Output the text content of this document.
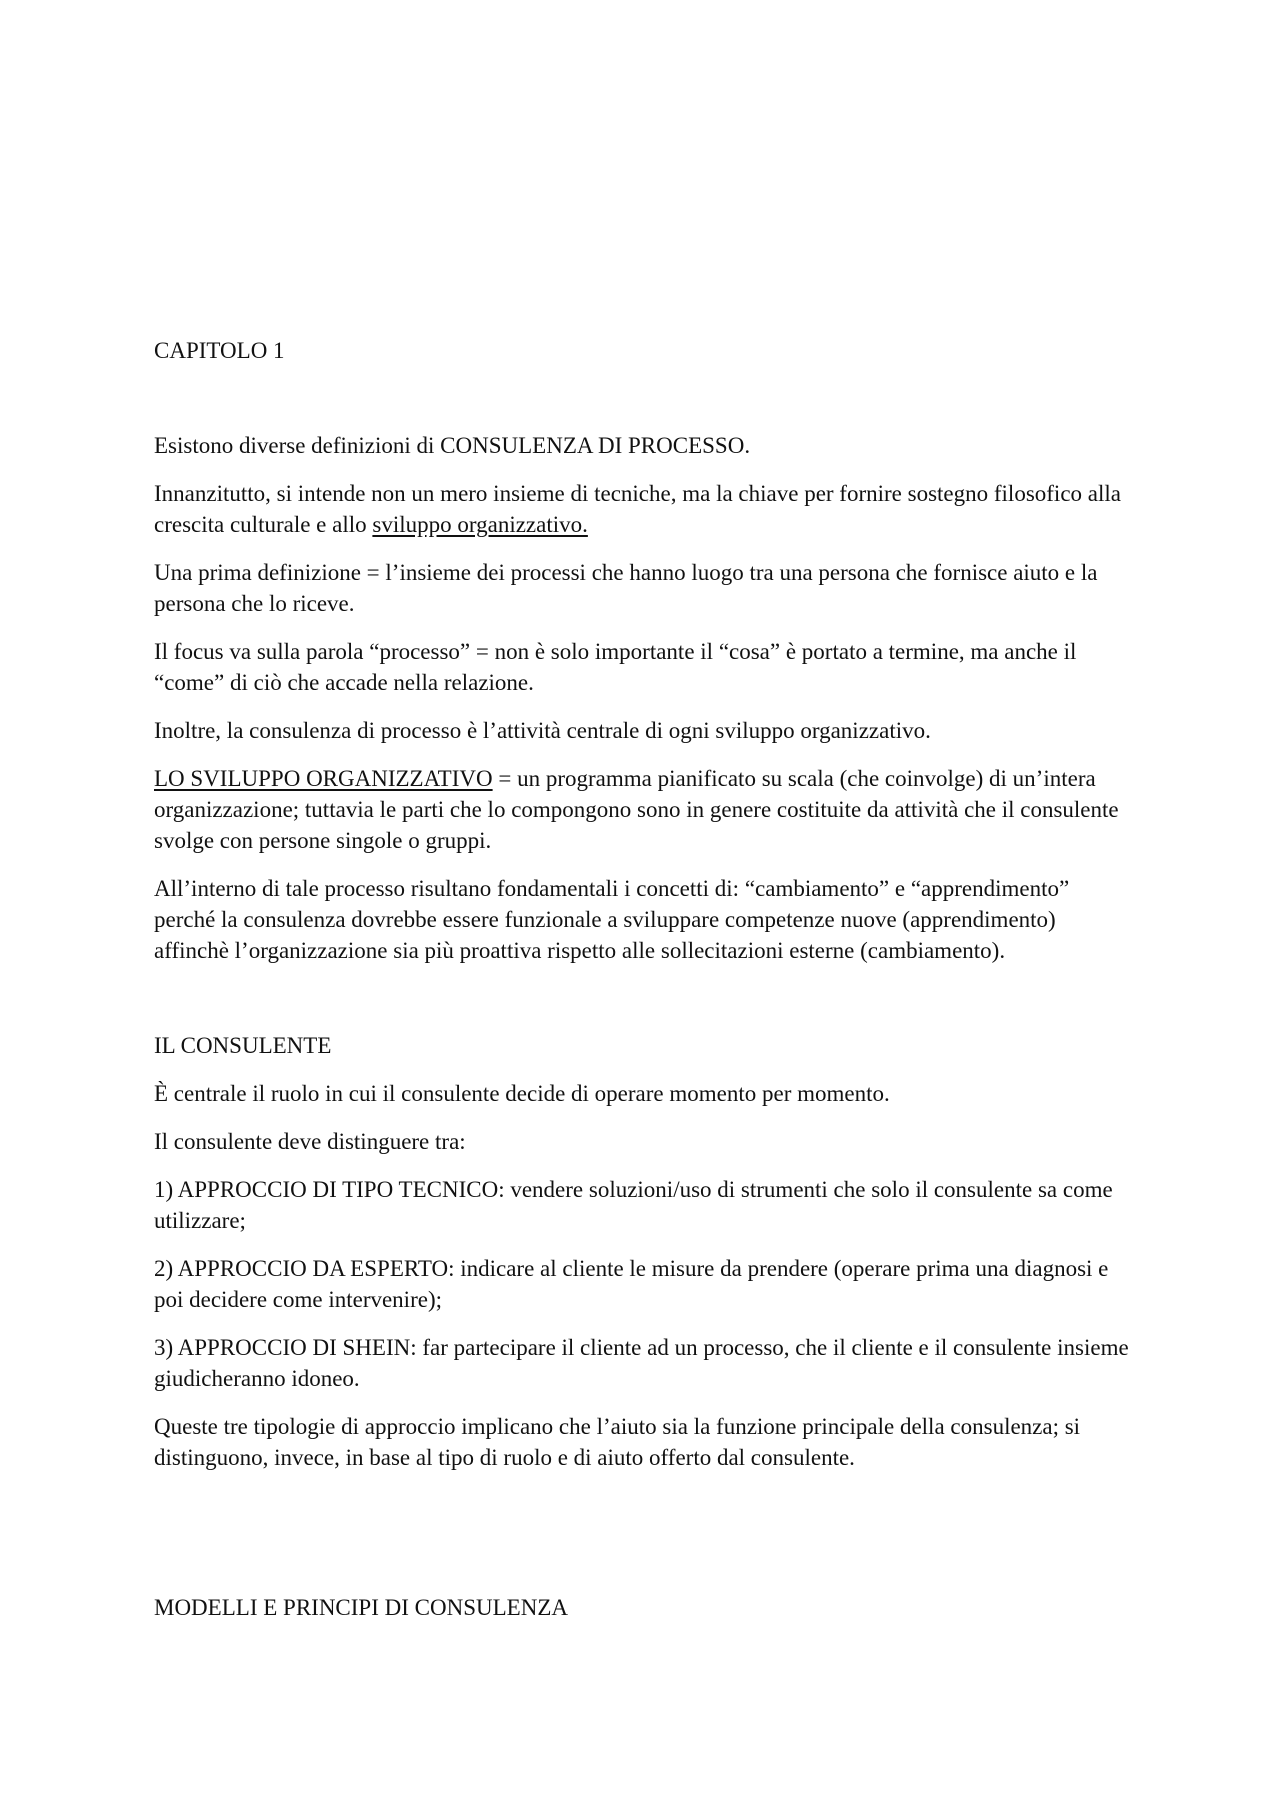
CAPITOLO 1

Esistono diverse definizioni di CONSULENZA DI PROCESSO.

Innanzitutto, si intende non un mero insieme di tecniche, ma la chiave per fornire sostegno filosofico alla crescita culturale e allo sviluppo organizzativo.

Una prima definizione = l’insieme dei processi che hanno luogo tra una persona che fornisce aiuto e la persona che lo riceve.

Il focus va sulla parola “processo” = non è solo importante il “cosa” è portato a termine, ma anche il “come” di ciò che accade nella relazione.

Inoltre, la consulenza di processo è l’attività centrale di ogni sviluppo organizzativo.

LO SVILUPPO ORGANIZZATIVO = un programma pianificato su scala (che coinvolge) di un’intera organizzazione; tuttavia le parti che lo compongono sono in genere costituite da attività che il consulente svolge con persone singole o gruppi.

All’interno di tale processo risultano fondamentali i concetti di: “cambiamento” e “apprendimento” perché la consulenza dovrebbe essere funzionale a sviluppare competenze nuove (apprendimento) affinchè l’organizzazione sia più proattiva rispetto alle sollecitazioni esterne (cambiamento).

IL CONSULENTE

È centrale il ruolo in cui il consulente decide di operare momento per momento.

Il consulente deve distinguere tra:

1) APPROCCIO DI TIPO TECNICO: vendere soluzioni/uso di strumenti che solo il consulente sa come utilizzare;

2) APPROCCIO DA ESPERTO: indicare al cliente le misure da prendere (operare prima una diagnosi e poi decidere come intervenire);

3) APPROCCIO DI SHEIN: far partecipare il cliente ad un processo, che il cliente e il consulente insieme giudicheranno idoneo.

Queste tre tipologie di approccio implicano che l’aiuto sia la funzione principale della consulenza; si distinguono, invece, in base al tipo di ruolo e di aiuto offerto dal consulente.

MODELLI E PRINCIPI DI CONSULENZA
